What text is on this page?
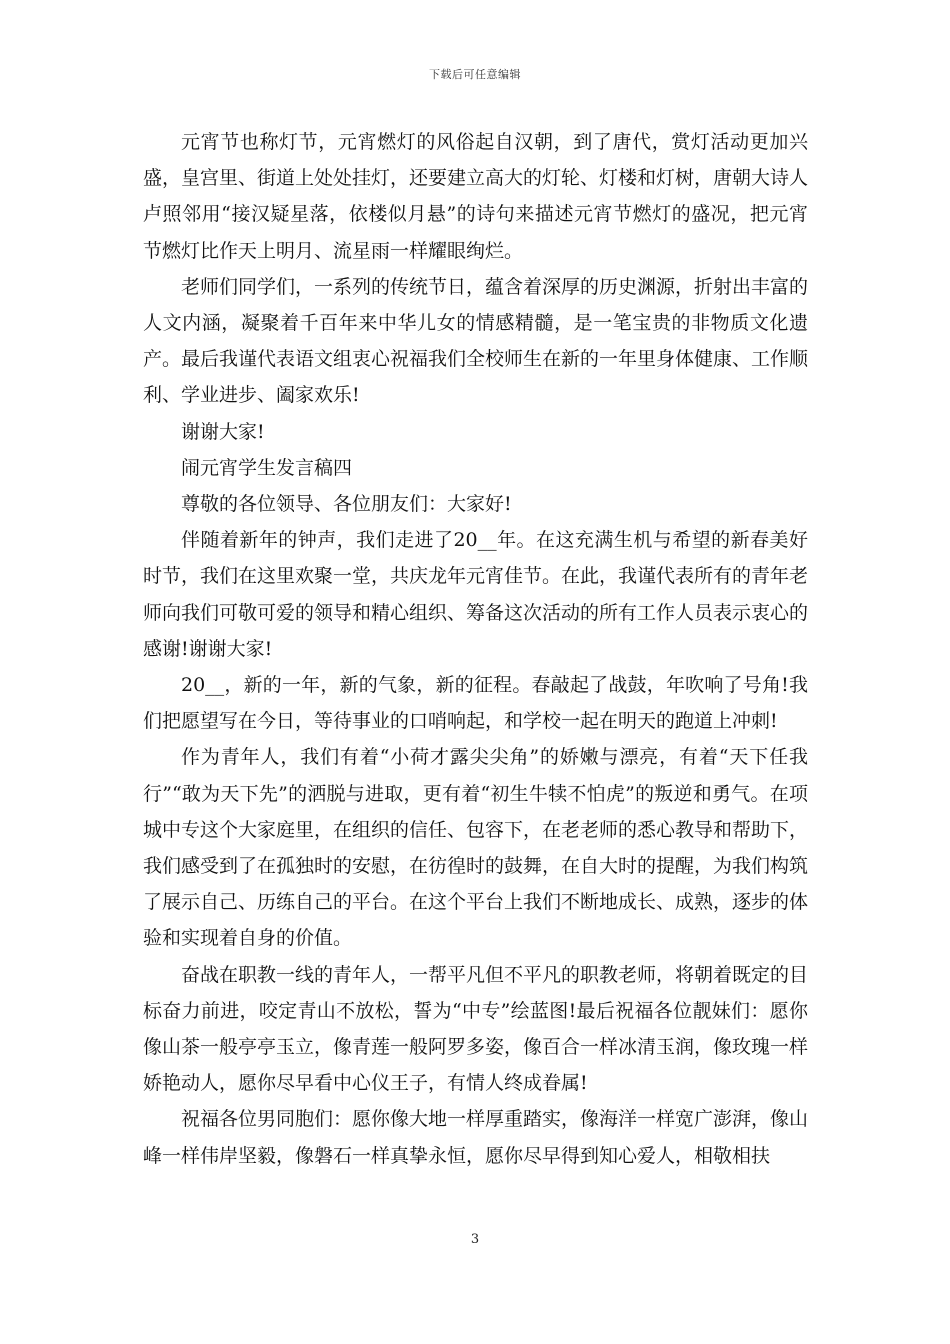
下载后可任意编辑

元宵节也称灯节，元宵燃灯的风俗起自汉朝，到了唐代，赏灯活动更加兴盛，皇宫里、街道上处处挂灯，还要建立高大的灯轮、灯楼和灯树，唐朝大诗人卢照邻用“接汉疑星落，依楼似月悬”的诗句来描述元宵节燃灯的盛况，把元宵节燃灯比作天上明月、流星雨一样耀眼绚烂。

老师们同学们，一系列的传统节日，蕴含着深厚的历史渊源，折射出丰富的人文内涵，凝聚着千百年来中华儿女的情感精髓，是一笔宝贵的非物质文化遗产。最后我谨代表语文组衷心祝福我们全校师生在新的一年里身体健康、工作顺利、学业进步、阖家欢乐!

谢谢大家!

闹元宵学生发言稿四

尊敬的各位领导、各位朋友们：大家好!

伴随着新年的钟声，我们走进了20__年。在这充满生机与希望的新春美好时节，我们在这里欢聚一堂，共庆龙年元宵佳节。在此，我谨代表所有的青年老师向我们可敬可爱的领导和精心组织、筹备这次活动的所有工作人员表示衷心的感谢!谢谢大家!

20__，新的一年，新的气象，新的征程。春敲起了战鼓，年吹响了号角!我们把愿望写在今日，等待事业的口哨响起，和学校一起在明天的跑道上冲刺!

作为青年人，我们有着“小荷才露尖尖角”的娇嫩与漂亮，有着“天下任我行”“敢为天下先”的洒脱与进取，更有着“初生牛犊不怕虎”的叛逆和勇气。在项城中专这个大家庭里，在组织的信任、包容下，在老老师的悉心教导和帮助下，我们感受到了在孤独时的安慰，在彷徨时的鼓舞，在自大时的提醒，为我们构筑了展示自己、历练自己的平台。在这个平台上我们不断地成长、成熟，逐步的体验和实现着自身的价值。

奋战在职教一线的青年人，一帮平凡但不平凡的职教老师，将朝着既定的目标奋力前进，咬定青山不放松，誓为“中专”绘蓝图!最后祝福各位靓妹们：愿你像山茶一般亭亭玉立，像青莲一般阿罗多姿，像百合一样冰清玉润，像玫瑰一样娇艳动人，愿你尽早看中心仪王子，有情人终成眷属!

祝福各位男同胞们：愿你像大地一样厚重踏实，像海洋一样宽广澎湃，像山峰一样伟岸坚毅，像磐石一样真挚永恒，愿你尽早得到知心爱人，相敬相扶

3
